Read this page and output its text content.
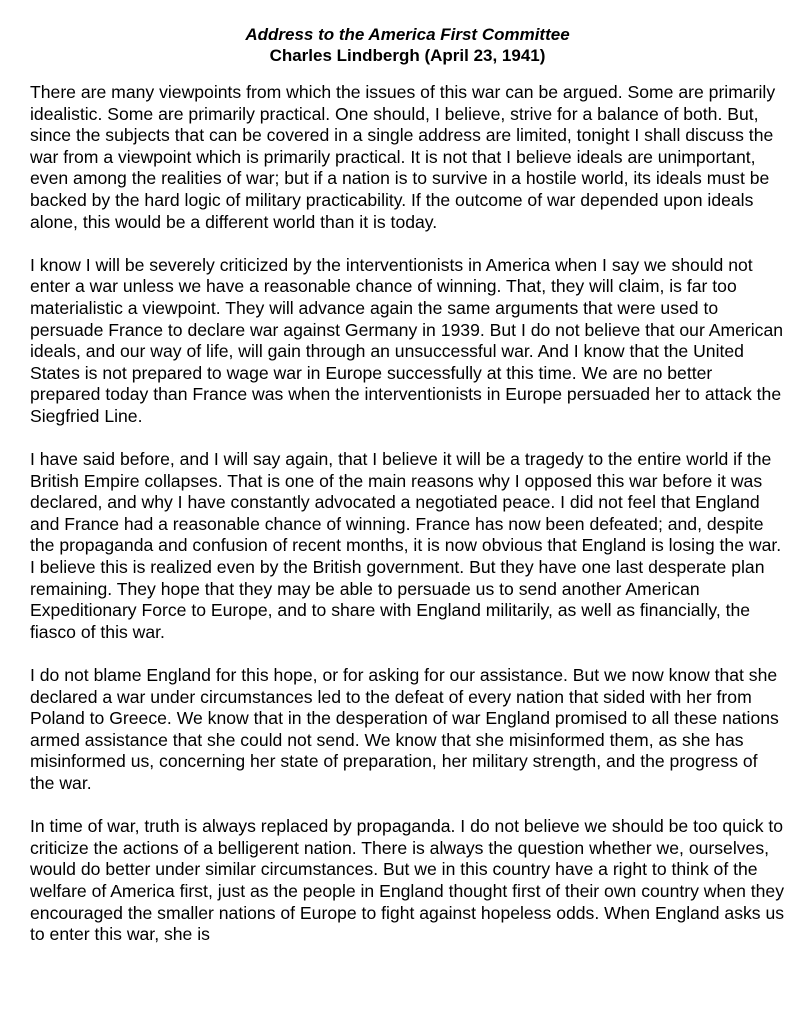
Address to the America First Committee
Charles Lindbergh (April 23, 1941)

There are many viewpoints from which the issues of this war can be argued. Some are primarily idealistic. Some are primarily practical. One should, I believe, strive for a balance of both. But, since the subjects that can be covered in a single address are limited, tonight I shall discuss the war from a viewpoint which is primarily practical. It is not that I believe ideals are unimportant, even among the realities of war; but if a nation is to survive in a hostile world, its ideals must be backed by the hard logic of military practicability. If the outcome of war depended upon ideals alone, this would be a different world than it is today.

I know I will be severely criticized by the interventionists in America when I say we should not enter a war unless we have a reasonable chance of winning. That, they will claim, is far too materialistic a viewpoint. They will advance again the same arguments that were used to persuade France to declare war against Germany in 1939. But I do not believe that our American ideals, and our way of life, will gain through an unsuccessful war. And I know that the United States is not prepared to wage war in Europe successfully at this time. We are no better prepared today than France was when the interventionists in Europe persuaded her to attack the Siegfried Line.

I have said before, and I will say again, that I believe it will be a tragedy to the entire world if the British Empire collapses. That is one of the main reasons why I opposed this war before it was declared, and why I have constantly advocated a negotiated peace. I did not feel that England and France had a reasonable chance of winning. France has now been defeated; and, despite the propaganda and confusion of recent months, it is now obvious that England is losing the war. I believe this is realized even by the British government. But they have one last desperate plan remaining. They hope that they may be able to persuade us to send another American Expeditionary Force to Europe, and to share with England militarily, as well as financially, the fiasco of this war.

I do not blame England for this hope, or for asking for our assistance. But we now know that she declared a war under circumstances led to the defeat of every nation that sided with her from Poland to Greece. We know that in the desperation of war England promised to all these nations armed assistance that she could not send. We know that she misinformed them, as she has misinformed us, concerning her state of preparation, her military strength, and the progress of the war.

In time of war, truth is always replaced by propaganda. I do not believe we should be too quick to criticize the actions of a belligerent nation. There is always the question whether we, ourselves, would do better under similar circumstances. But we in this country have a right to think of the welfare of America first, just as the people in England thought first of their own country when they encouraged the smaller nations of Europe to fight against hopeless odds. When England asks us to enter this war, she is
